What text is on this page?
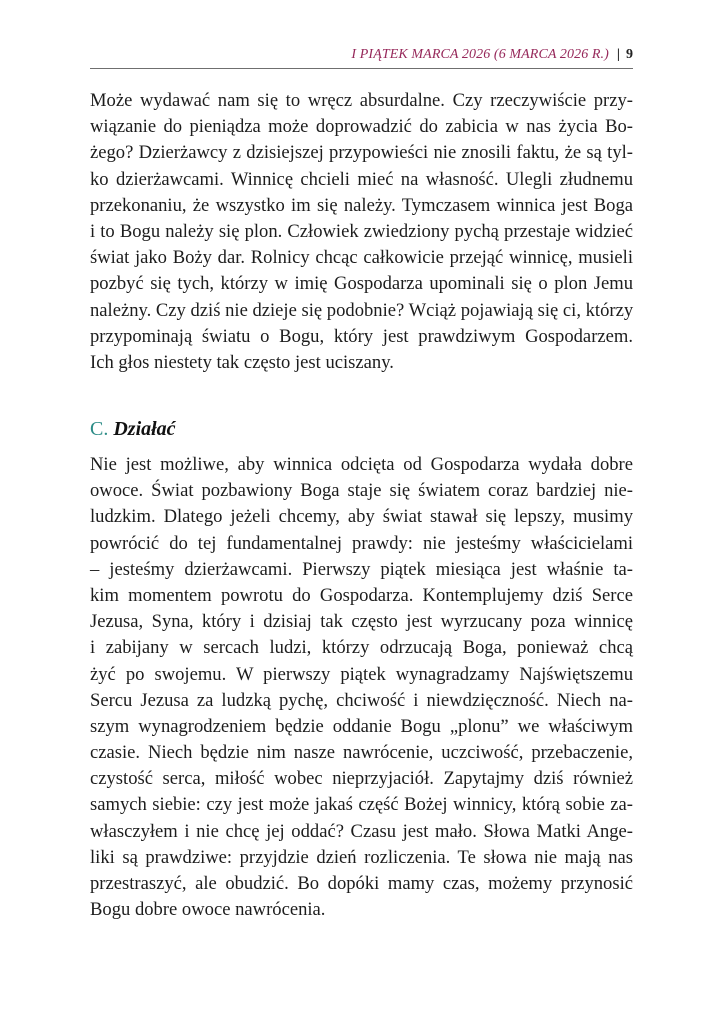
I PIĄTEK MARCA 2026 (6 MARCA 2026 R.) | 9
Może wydawać nam się to wręcz absurdalne. Czy rzeczywiście przy-
wiązanie do pieniądza może doprowadzić do zabicia w nas życia Bo-
żego? Dzierżawcy z dzisiejszej przypowieści nie znosili faktu, że są tyl-
ko dzierżawcami. Winnicę chcieli mieć na własność. Ulegli złudnemu
przekonaniu, że wszystko im się należy. Tymczasem winnica jest Boga
i to Bogu należy się plon. Człowiek zwiedziony pychą przestaje widzieć
świat jako Boży dar. Rolnicy chcąc całkowicie przejąć winnicę, musieli
pozbyć się tych, którzy w imię Gospodarza upominali się o plon Jemu
należny. Czy dziś nie dzieje się podobnie? Wciąż pojawiają się ci, którzy
przypominają światu o Bogu, który jest prawdziwym Gospodarzem.
Ich głos niestety tak często jest uciszany.
C. Działać
Nie jest możliwe, aby winnica odcięta od Gospodarza wydała dobre
owoce. Świat pozbawiony Boga staje się światem coraz bardziej nie-
ludzkim. Dlatego jeżeli chcemy, aby świat stawał się lepszy, musimy
powrócić do tej fundamentalnej prawdy: nie jesteśmy właścicielami
– jesteśmy dzierżawcami. Pierwszy piątek miesiąca jest właśnie ta-
kim momentem powrotu do Gospodarza. Kontemplujemy dziś Serce
Jezusa, Syna, który i dzisiaj tak często jest wyrzucany poza winnicę
i zabijany w sercach ludzi, którzy odrzucają Boga, ponieważ chcą
żyć po swojemu. W pierwszy piątek wynagradzamy Najświętszemu
Sercu Jezusa za ludzką pychę, chciwość i niewdzięczność. Niech na-
szym wynagrodzeniem będzie oddanie Bogu „plonu” we właściwym
czasie. Niech będzie nim nasze nawrócenie, uczciwość, przebaczenie,
czystość serca, miłość wobec nieprzyjaciół. Zapytajmy dziś również
samych siebie: czy jest może jakaś część Bożej winnicy, którą sobie za-
własczyłem i nie chcę jej oddać? Czasu jest mało. Słowa Matki Ange-
liki są prawdziwe: przyjdzie dzień rozliczenia. Te słowa nie mają nas
przestraszyć, ale obudzić. Bo dopóki mamy czas, możemy przynosić
Bogu dobre owoce nawrócenia.
